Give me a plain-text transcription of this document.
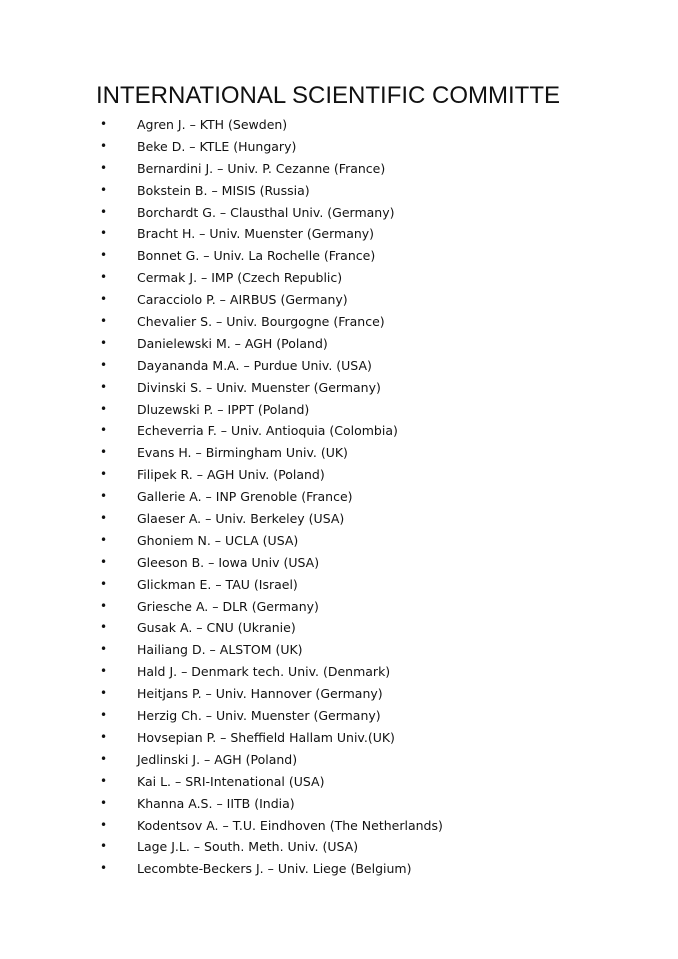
INTERNATIONAL SCIENTIFIC COMMITTE
• Agren J. – KTH (Sewden)
• Beke D. – KTLE (Hungary)
• Bernardini J. – Univ. P. Cezanne (France)
• Bokstein B. – MISIS (Russia)
• Borchardt G. – Clausthal Univ. (Germany)
• Bracht H. – Univ. Muenster (Germany)
• Bonnet G. – Univ. La Rochelle (France)
• Cermak J. – IMP (Czech Republic)
• Caracciolo P. – AIRBUS (Germany)
• Chevalier S. – Univ. Bourgogne (France)
• Danielewski M. – AGH (Poland)
• Dayananda M.A. – Purdue Univ. (USA)
• Divinski S. – Univ. Muenster (Germany)
• Dluzewski P. – IPPT (Poland)
• Echeverria F. – Univ. Antioquia (Colombia)
• Evans H. – Birmingham Univ. (UK)
• Filipek R. – AGH Univ. (Poland)
• Gallerie A. – INP Grenoble (France)
• Glaeser A. – Univ. Berkeley (USA)
• Ghoniem N. – UCLA (USA)
• Gleeson B. – Iowa Univ (USA)
• Glickman E. – TAU (Israel)
• Griesche A. – DLR (Germany)
• Gusak A. – CNU (Ukranie)
• Hailiang D. – ALSTOM (UK)
• Hald J. – Denmark tech. Univ. (Denmark)
• Heitjans P. – Univ. Hannover (Germany)
• Herzig Ch. – Univ. Muenster (Germany)
• Hovsepian P. – Sheffield Hallam Univ.(UK)
• Jedlinski J. – AGH (Poland)
• Kai L. – SRI-Intenational (USA)
• Khanna A.S. – IITB (India)
• Kodentsov A. – T.U. Eindhoven (The Netherlands)
• Lage J.L. – South. Meth. Univ. (USA)
• Lecombte-Beckers J. – Univ. Liege (Belgium)
